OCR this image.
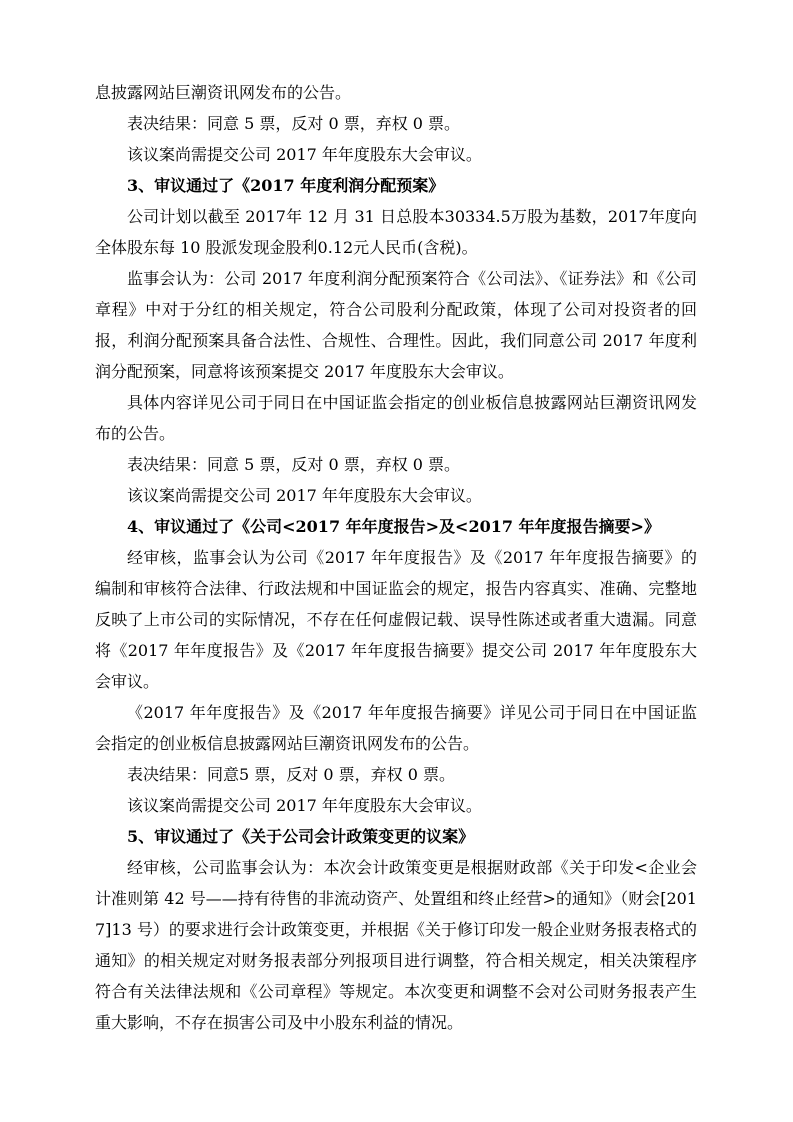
息披露网站巨潮资讯网发布的公告。

表决结果：同意 5 票，反对 0 票，弃权 0 票。

该议案尚需提交公司 2017 年年度股东大会审议。

3、审议通过了《2017 年度利润分配预案》

公司计划以截至 2017年 12 月 31 日总股本30334.5万股为基数，2017年度向全体股东每 10 股派发现金股利0.12元人民币(含税)。

监事会认为：公司 2017 年度利润分配预案符合《公司法》、《证券法》和《公司章程》中对于分红的相关规定，符合公司股利分配政策，体现了公司对投资者的回报，利润分配预案具备合法性、合规性、合理性。因此，我们同意公司 2017 年度利润分配预案，同意将该预案提交 2017 年度股东大会审议。

具体内容详见公司于同日在中国证监会指定的创业板信息披露网站巨潮资讯网发布的公告。

表决结果：同意 5 票，反对 0 票，弃权 0 票。

该议案尚需提交公司 2017 年年度股东大会审议。

4、审议通过了《公司<2017 年年度报告>及<2017 年年度报告摘要>》

经审核，监事会认为公司《2017 年年度报告》及《2017 年年度报告摘要》的编制和审核符合法律、行政法规和中国证监会的规定，报告内容真实、准确、完整地反映了上市公司的实际情况，不存在任何虚假记载、误导性陈述或者重大遗漏。同意将《2017 年年度报告》及《2017 年年度报告摘要》提交公司 2017 年年度股东大会审议。

《2017 年年度报告》及《2017 年年度报告摘要》详见公司于同日在中国证监会指定的创业板信息披露网站巨潮资讯网发布的公告。

表决结果：同意5 票，反对 0 票，弃权 0 票。

该议案尚需提交公司 2017 年年度股东大会审议。

5、审议通过了《关于公司会计政策变更的议案》

经审核，公司监事会认为：本次会计政策变更是根据财政部《关于印发<企业会计准则第 42 号——持有待售的非流动资产、处置组和终止经营>的通知》（财会[2017]13 号）的要求进行会计政策变更，并根据《关于修订印发一般企业财务报表格式的通知》的相关规定对财务报表部分列报项目进行调整，符合相关规定，相关决策程序符合有关法律法规和《公司章程》等规定。本次变更和调整不会对公司财务报表产生重大影响，不存在损害公司及中小股东利益的情况。
